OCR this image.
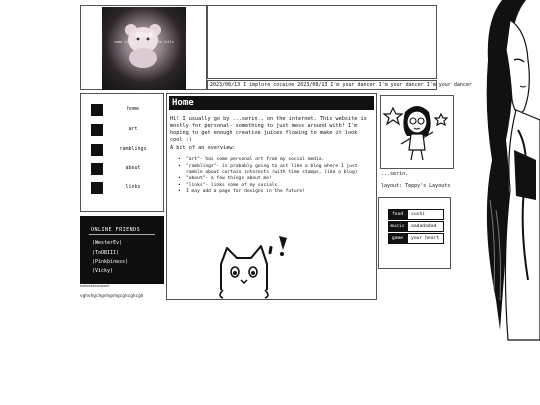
GOsh
some tiny text under the title
2023/08/13 I implore cocaine 2023/08/13 I'm your dancer I'm your dancer I'm your dancer
home
art
ramblings
about
links
ONLINE FRIENDS
(WesterEv)
(ToOBIII)
(Pinkbiness)
(Vicky)
babbabbeaaaaah
vghvhgchgvhgvhgcghcghcgh
Home
Hi! I usually go by ...serin., on the internet. This website is mostly for personal- something to just mess around with! I'm hoping to get enough creative juices flowing to make it look cool :)
A bit of an overview:
• "art"- has some personal art from my social media.
• "ramblings"- is probably going to act like a blog where I just ramble about certain interests (with time stamps, like a blog)
• "about"- a few things about me!
• "links"- links some of my socials.
• I may add a page for designs in the future!
...serin.
layout: Teppy's Layouts
food	sushi
music	aadadadad
game	your heart
